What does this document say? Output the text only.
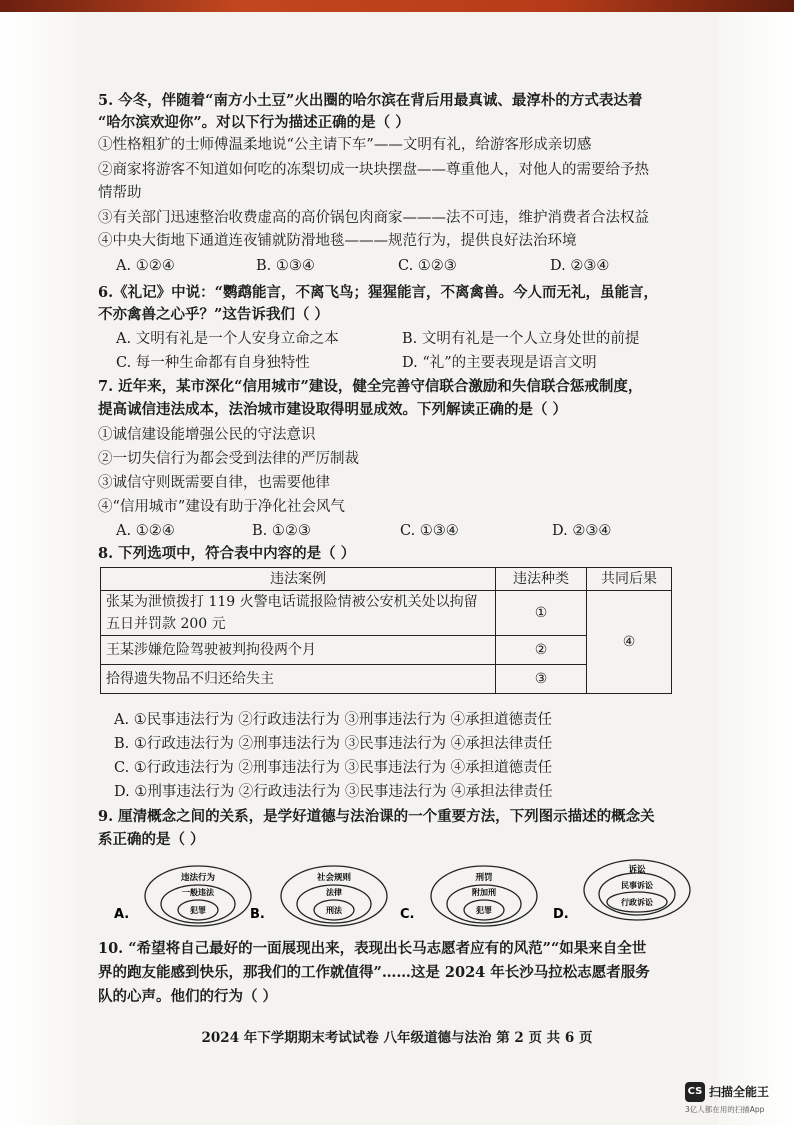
5. 今冬，伴随着“南方小土豆”火出圈的哈尔滨在背后用最真诚、最淳朴的方式表达着
“哈尔滨欢迎你”。对以下行为描述正确的是（ ）
①性格粗犷的士师傅温柔地说“公主请下车”——文明有礼，给游客形成亲切感
②商家将游客不知道如何吃的冻梨切成一块块摆盘——尊重他人，对他人的需要给予热
情帮助
③有关部门迅速整治收费虚高的高价锅包肉商家———法不可违，维护消费者合法权益
④中央大街地下通道连夜铺就防滑地毯———规范行为，提供良好法治环境
A. ①②④	B. ①③④	C. ①②③	D. ②③④
6.《礼记》中说：“鹦鹉能言，不离飞鸟；猩猩能言，不离禽兽。今人而无礼，虽能言，
不亦禽兽之心乎？”这告诉我们（ ）
A. 文明有礼是一个人安身立命之本	B. 文明有礼是一个人立身处世的前提
C. 每一种生命都有自身独特性	D. “礼”的主要表现是语言文明
7. 近年来，某市深化“信用城市”建设，健全完善守信联合激励和失信联合惩戒制度，
提高诚信违法成本，法治城市建设取得明显成效。下列解读正确的是（ ）
①诚信建设能增强公民的守法意识
②一切失信行为都会受到法律的严厉制裁
③诚信守则既需要自律，也需要他律
④“信用城市”建设有助于净化社会风气
A. ①②④	B. ①②③	C. ①③④	D. ②③④
8. 下列选项中，符合表中内容的是（ ）
违法案例	违法种类	共同后果

张某为泄愤拨打 119 火警电话谎报险情被公安机关处以拘留
五日并罚款 200 元	①	④
王某涉嫌危险驾驶被判拘役两个月	②	
拾得遗失物品不归还给失主	③	
A. ①民事违法行为 ②行政违法行为 ③刑事违法行为 ④承担道德责任
B. ①行政违法行为 ②刑事违法行为 ③民事违法行为 ④承担法律责任
C. ①行政违法行为 ②刑事违法行为 ③民事违法行为 ④承担道德责任
D. ①刑事违法行为 ②行政违法行为 ③民事违法行为 ④承担法律责任
9. 厘清概念之间的关系，是学好道德与法治课的一个重要方法，下列图示描述的概念关
系正确的是（ ）
A.
违法行为
一般违法
犯罪	B.
社会规则
法律
刑法	C.
刑罚
附加刑
犯罪	D.
诉讼
民事诉讼
行政诉讼
10. “希望将自己最好的一面展现出来，表现出长马志愿者应有的风范”“如果来自全世
界的跑友能感到快乐，那我们的工作就值得”……这是 2024 年长沙马拉松志愿者服务
队的心声。他们的行为（ ）
2024 年下学期期末考试试卷 八年级道德与法治 第 2 页 共 6 页
CS 扫描全能王
3亿人都在用的扫描App
